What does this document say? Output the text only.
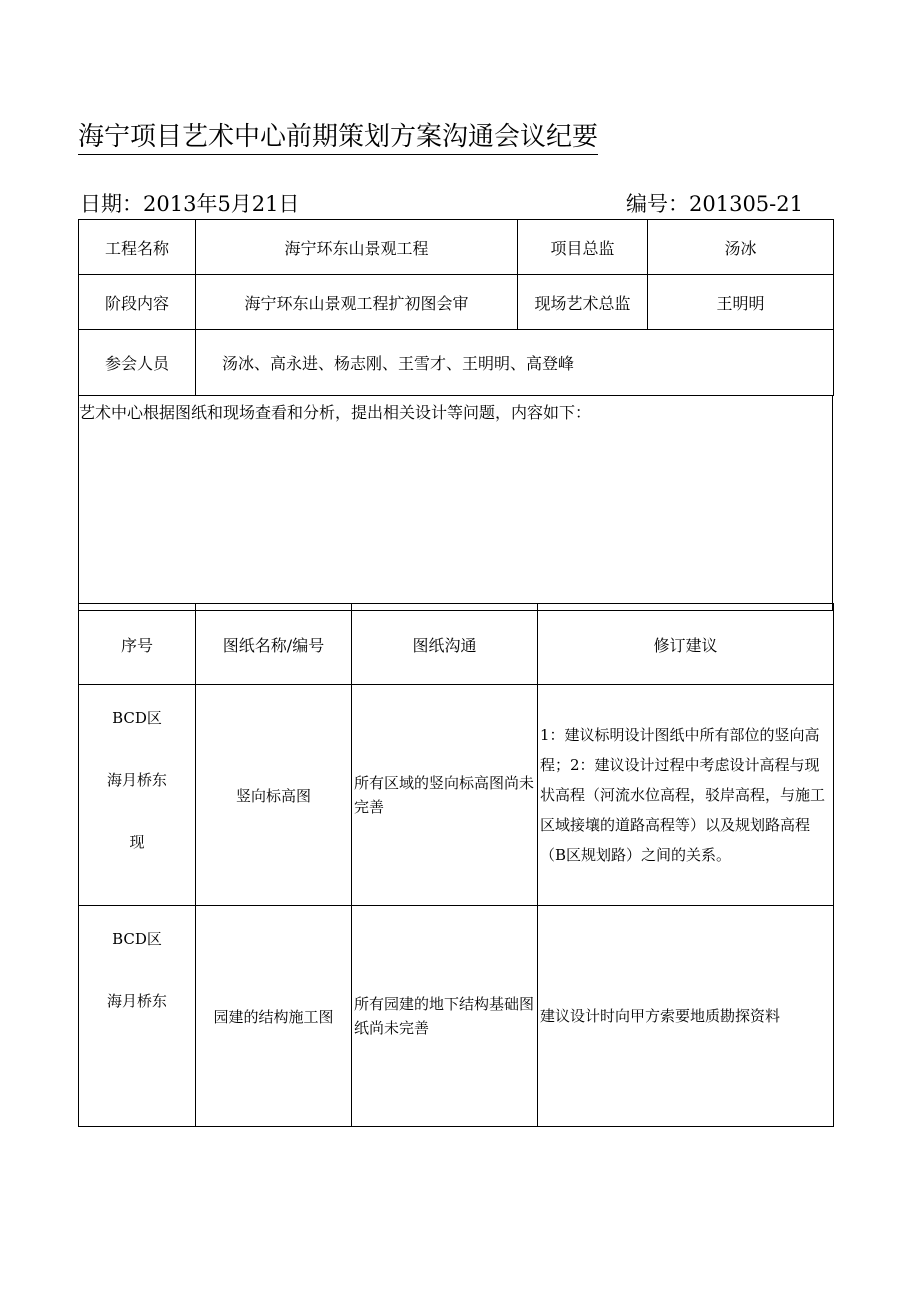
海宁项目艺术中心前期策划方案沟通会议纪要
日期：2013年5月21日	编号：201305-21
工程名称	海宁环东山景观工程	项目总监	汤冰
阶段内容	海宁环东山景观工程扩初图会审	现场艺术总监	王明明
参会人员	汤冰、高永进、杨志刚、王雪才、王明明、高登峰		
艺术中心根据图纸和现场查看和分析，提出相关设计等问题，内容如下：
序号	图纸名称/编号	图纸沟通	修订建议

BCD区
海月桥东
现	竖向标高图	所有区域的竖向标高图尚未完善	1：建议标明设计图纸中所有部位的竖向高程；2：建议设计过程中考虑设计高程与现状高程（河流水位高程，驳岸高程，与施工区域接壤的道路高程等）以及规划路高程（B区规划路）之间的关系。

BCD区
海月桥东	园建的结构施工图	所有园建的地下结构基础图纸尚未完善	建议设计时向甲方索要地质勘探资料
